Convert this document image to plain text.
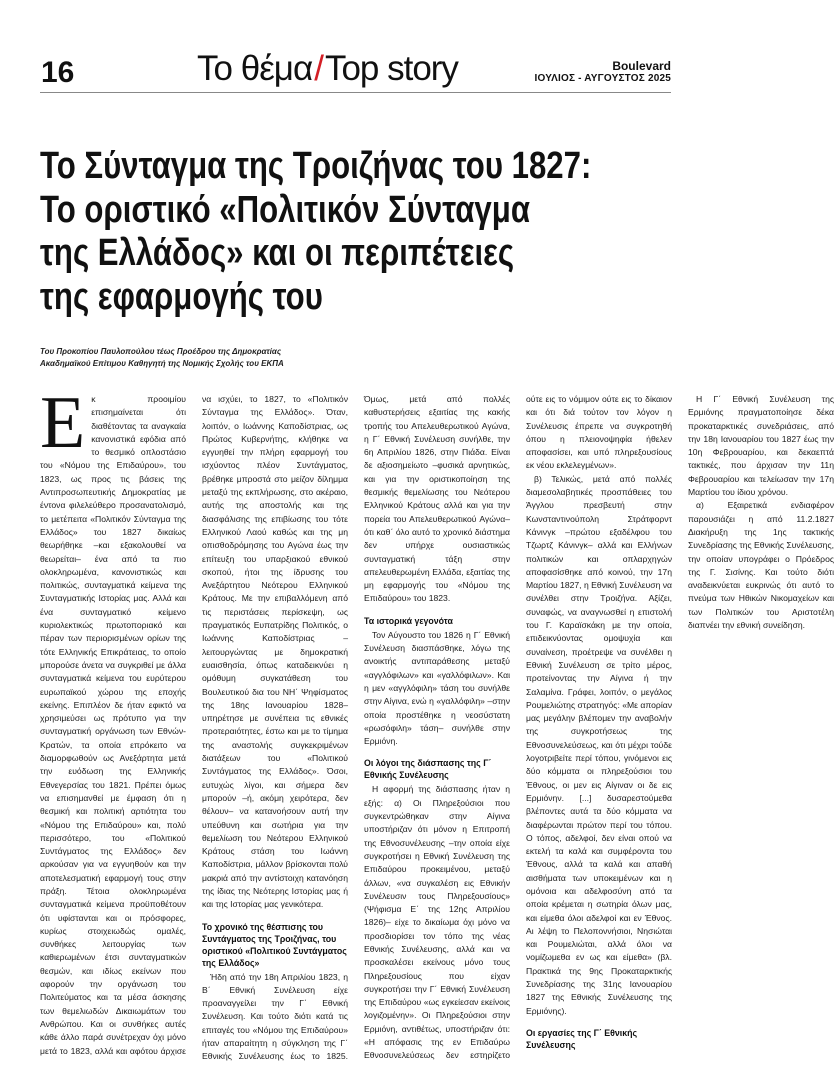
16	Το θέμα/Top story	Boulevard
ΙΟΥΛΙΟΣ - ΑΥΓΟΥΣΤΟΣ 2025
Το Σύνταγμα της Τροιζήνας του 1827:
Το οριστικό «Πολιτικόν Σύνταγμα
της Ελλάδος» και οι περιπέτειες
της εφαρμογής του
Του Προκοπίου Παυλοπούλου τέως Προέδρου της Δημοκρατίας
Ακαδημαϊκού Επίτιμου Καθηγητή της Νομικής Σχολής του ΕΚΠΑ

Εκ προοιμίου επισημαίνεται ότι διαθέτοντας τα αναγκαία κανονιστικά εφόδια από το θεσμικό οπλοστάσιο του «Νόμου της Επιδαύρου», του 1823, ως προς τις βάσεις της Αντιπροσωπευτικής Δημοκρατίας με έντονα φιλελεύθερο προσανατολισμό, το μετέπειτα «Πολιτικόν Σύνταγμα της Ελλάδος» του 1827 δικαίως θεωρήθηκε –και εξακολουθεί να θεωρείται– ένα από τα πιο ολοκληρωμένα, κανονιστικώς και πολιτικώς, συνταγματικά κείμενα της Συνταγματικής Ιστορίας μας. Αλλά και ένα συνταγματικό κείμενο κυριολεκτικώς πρωτοποριακό και πέραν των περιορισμένων ορίων της τότε Ελληνικής Επικράτειας, το οποίο μπορούσε άνετα να συγκριθεί με άλλα συνταγματικά κείμενα του ευρύτερου ευρωπαϊκού χώρου της εποχής εκείνης. Επιπλέον δε ήταν εφικτό να χρησιμεύσει ως πρότυπο για την συνταγματική οργάνωση των Εθνών-Κρατών, τα οποία επρόκειτο να διαμορφωθούν ως Ανεξάρτητα μετά την ευόδωση της Ελληνικής Εθνεγερσίας του 1821. Πρέπει όμως να επισημανθεί με έμφαση ότι η θεσμική και πολιτική αρτιότητα του «Νόμου της Επιδαύρου» και, πολύ περισσότερο, του «Πολιτικού Συντάγματος της Ελλάδος» δεν αρκούσαν για να εγγυηθούν και την αποτελεσματική εφαρμογή τους στην πράξη. Τέτοια ολοκληρωμένα συνταγματικά κείμενα προϋποθέτουν ότι υφίστανται και οι πρόσφορες, κυρίως στοιχειωδώς ομαλές, συνθήκες λειτουργίας των καθιερωμένων έτσι συνταγματικών θεσμών, και ιδίως εκείνων που αφορούν την οργάνωση του Πολιτεύματος και τα μέσα άσκησης των θεμελιωδών Δικαιωμάτων του Ανθρώπου. Και οι συνθήκες αυτές κάθε άλλο παρά συνέτρεχαν όχι μόνο μετά το 1823, αλλά και αφότου άρχισε να ισχύει, το 1827, το «Πολιτικόν Σύνταγμα της Ελλάδος». Όταν, λοιπόν, ο Ιωάννης Καποδίστριας, ως Πρώτος Κυβερνήτης, κλήθηκε να εγγυηθεί την πλήρη εφαρμογή του ισχύοντος πλέον Συντάγματος, βρέθηκε μπροστά στο μείζον δίλημμα μεταξύ της εκπλήρωσης, στο ακέραιο, αυτής της αποστολής και της διασφάλισης της επιβίωσης του τότε Ελληνικού Λαού καθώς και της μη οπισθοδρόμησης του Αγώνα έως την επίτευξη του υπαρξιακού εθνικού σκοπού, ήτοι της ίδρυσης του Ανεξάρτητου Νεότερου Ελληνικού Κράτους. Με την επιβαλλόμενη από τις περιστάσεις περίσκεψη, ως πραγματικός Ευπατρίδης Πολιτικός, ο Ιωάννης Καποδίστριας –λειτουργώντας με δημοκρατική ευαισθησία, όπως καταδεικνύει η ομόθυμη συγκατάθεση του Βουλευτικού δια του ΝΗ΄ Ψηφίσματος της 18ης Ιανουαρίου 1828– υπηρέτησε με συνέπεια τις εθνικές προτεραιότητες, έστω και με το τίμημα της αναστολής συγκεκριμένων διατάξεων του «Πολιτικού Συντάγματος της Ελλάδος». Όσοι, ευτυχώς λίγοι, και σήμερα δεν μπορούν –ή, ακόμη χειρότερα, δεν θέλουν– να κατανοήσουν αυτή την υπεύθυνη και σωτήρια για την θεμελίωση του Νεότερου Ελληνικού Κράτους στάση του Ιωάννη Καποδίστρια, μάλλον βρίσκονται πολύ μακριά από την αντίστοιχη κατανόηση της ίδιας της Νεότερης Ιστορίας μας ή και της Ιστορίας μας γενικότερα.

Το χρονικό της θέσπισης του Συντάγματος της Τροιζήνας, του οριστικού «Πολιτικού Συντάγματος της Ελλάδος»

Ήδη από την 18η Απριλίου 1823, η Β΄ Εθνική Συνέλευση είχε προαναγγείλει την Γ΄ Εθνική Συνέλευση. Και τούτο διότι κατά τις επιταγές του «Νόμου της Επιδαύρου» ήταν απαραίτητη η σύγκληση της Γ΄ Εθνικής Συνέλευσης έως το 1825. Όμως, μετά από πολλές καθυστερήσεις εξαιτίας της κακής τροπής του Απελευθερωτικού Αγώνα, η Γ΄ Εθνική Συνέλευση συνήλθε, την 6η Απριλίου 1826, στην Πιάδα. Είναι δε αξιοσημείωτο –φυσικά αρνητικώς, και για την οριστικοποίηση της θεσμικής θεμελίωσης του Νεότερου Ελληνικού Κράτους αλλά και για την πορεία του Απελευθερωτικού Αγώνα– ότι καθ΄ όλο αυτό το χρονικό διάστημα δεν υπήρχε ουσιαστικώς συνταγματική τάξη στην απελευθερωμένη Ελλάδα, εξαιτίας της μη εφαρμογής του «Νόμου της Επιδαύρου» του 1823.

Τα ιστορικά γεγονότα

Τον Αύγουστο του 1826 η Γ΄ Εθνική Συνέλευση διασπάσθηκε, λόγω της ανοικτής αντιπαράθεσης μεταξύ «αγγλόφιλων» και «γαλλόφιλων». Και η μεν «αγγλόφιλη» τάση του συνήλθε στην Αίγινα, ενώ η «γαλλόφιλη» –στην οποία προστέθηκε η νεοσύστατη «ρωσόφιλη» τάση– συνήλθε στην Ερμιόνη.

Οι λόγοι της διάσπασης της Γ΄ Εθνικής Συνέλευσης

Η αφορμή της διάσπασης ήταν η εξής: α) Οι Πληρεξούσιοι που συγκεντρώθηκαν στην Αίγινα υποστήριζαν ότι μόνον η Επιτροπή της Εθνοσυνέλευσης –την οποία είχε συγκροτήσει η Εθνική Συνέλευση της Επιδαύρου προκειμένου, μεταξύ άλλων, «να συγκαλέση εις Εθνικήν Συνέλευσιν τους Πληρεξουσίους» (Ψήφισμα Ε΄ της 12ης Απριλίου 1826)– είχε το δικαίωμα όχι μόνο να προσδιορίσει τον τόπο της νέας Εθνικής Συνέλευσης, αλλά και να προσκαλέσει εκείνους μόνο τους Πληρεξουσίους που είχαν συγκροτήσει την Γ΄ Εθνική Συνέλευση της Επιδαύρου «ως εγκείεσαν εκείνοις λογιζομένην». Οι Πληρεξούσιοι στην Ερμιόνη, αντιθέτως, υποστήριζαν ότι: «Η απόφασις της εν Επιδαύρω Εθνοσυνελεύσεως δεν εστηρίζετο ούτε εις το νόμιμον ούτε εις το δίκαιον και ότι διά τούτον τον λόγον η Συνέλευσις έπρεπε να συγκροτηθή όπου η πλειονοψηφία ήθελεν αποφασίσει, και υπό πληρεξουσίους εκ νέου εκλελεγμένων».

β) Τελικώς, μετά από πολλές διαμεσολαβητικές προσπάθειες του Άγγλου πρεσβευτή στην Κωνσταντινούπολη Στράτφορντ Κάνινγκ –πρώτου εξαδέλφου του Τζωρτζ Κάνινγκ– αλλά και Ελλήνων πολιτικών και οπλαρχηγών αποφασίσθηκε από κοινού, την 17η Μαρτίου 1827, η Εθνική Συνέλευση να συνέλθει στην Τροιζήνα. Αξίζει, συναφώς, να αναγνωσθεί η επιστολή του Γ. Καραϊσκάκη με την οποία, επιδεικνύοντας ομοψυχία και συναίνεση, προέτρεψε να συνέλθει η Εθνική Συνέλευση σε τρίτο μέρος, προτείνοντας την Αίγινα ή την Σαλαμίνα. Γράφει, λοιπόν, ο μεγάλος Ρουμελιώτης στρατηγός: «Με απορίαν μας μεγάλην βλέπομεν την αναβολήν της συγκροτήσεως της Εθνοσυνελεύσεως, και ότι μέχρι τούδε λογοτριβείτε περί τόπου, γινόμενοι εις δύο κόμματα οι πληρεξούσιοι του Έθνους, οι μεν εις Αίγιναν οι δε εις Ερμιόνην. [...] δυσαρεστούμεθα βλέποντες αυτά τα δύο κόμματα να διαφέρωνται πρώτον περί του τόπου. Ο τόπος, αδελφοί, δεν είναι οπού να εκτελή τα καλά και συμφέροντα του Έθνους, αλλά τα καλά και απαθή αισθήματα των υποκειμένων και η ομόνοια και αδελφοσύνη από τα οποία κρέμεται η σωτηρία όλων μας, και είμεθα όλοι αδελφοί και εν Έθνος. Αι λέψη το Πελοποννήσιοι, Νησιώται και Ρουμελιώται, αλλά όλοι να νομίζωμεθα εν ως και είμεθα» (βλ. Πρακτικά της 9ης Προκαταρκτικής Συνεδρίασης της 31ης Ιανουαρίου 1827 της Εθνικής Συνέλευσης της Ερμιόνης).

Οι εργασίες της Γ΄ Εθνικής Συνέλευσης

Η Γ΄ Εθνική Συνέλευση της Ερμιόνης πραγματοποίησε δέκα προκαταρκτικές συνεδριάσεις, από την 18η Ιανουαρίου του 1827 έως την 10η Φεβρουαρίου, και δεκαεπτά τακτικές, που άρχισαν την 11η Φεβρουαρίου και τελείωσαν την 17η Μαρτίου του ίδιου χρόνου.

α) Εξαιρετικά ενδιαφέρον παρουσιάζει η από 11.2.1827 Διακήρυξη της 1ης τακτικής Συνεδρίασης της Εθνικής Συνέλευσης, την οποίαν υπογράφει ο Πρόεδρος της Γ. Σισίνης. Και τούτο διότι αναδεικνύεται ευκρινώς ότι αυτό το πνεύμα των Ηθικών Νικομαχείων και των Πολιτικών του Αριστοτέλη διαπνέει την εθνική συνείδηση.
